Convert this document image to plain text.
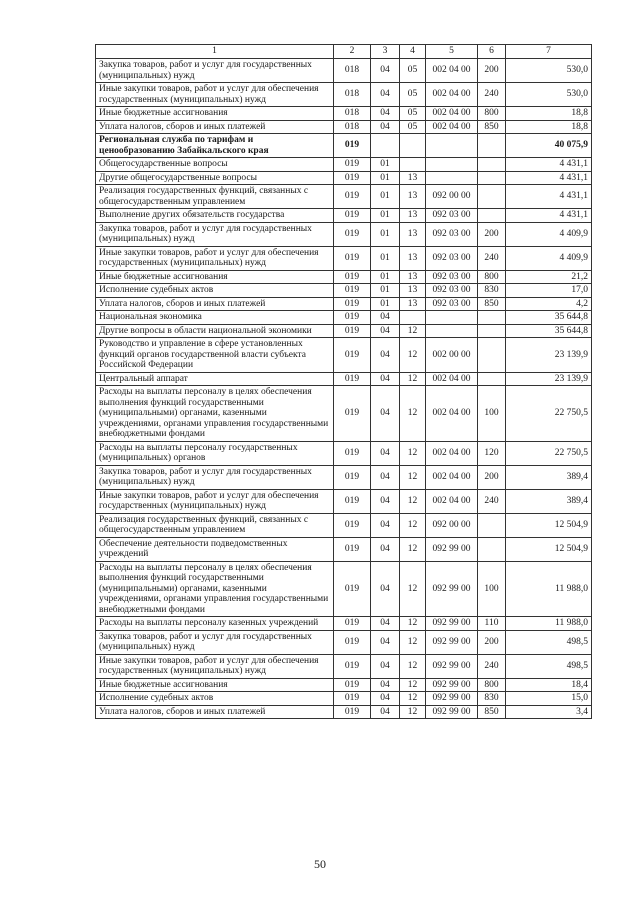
1	2	3	4	5	6	7
Закупка товаров, работ и услуг для государственных (муниципальных) нужд	018	04	05	002 04 00	200	530,0
Иные закупки товаров, работ и услуг для обеспечения государственных (муниципальных) нужд	018	04	05	002 04 00	240	530,0
Иные бюджетные ассигнования	018	04	05	002 04 00	800	18,8
Уплата налогов, сборов и иных платежей	018	04	05	002 04 00	850	18,8
Региональная служба по тарифам и ценообразованию Забайкальского края	019					40 075,9
Общегосударственные вопросы	019	01				4 431,1
Другие общегосударственные вопросы	019	01	13			4 431,1
Реализация государственных функций, связанных с общегосударственным управлением	019	01	13	092 00 00		4 431,1
Выполнение других обязательств государства	019	01	13	092 03 00		4 431,1
Закупка товаров, работ и услуг для государственных (муниципальных) нужд	019	01	13	092 03 00	200	4 409,9
Иные закупки товаров, работ и услуг для обеспечения государственных (муниципальных) нужд	019	01	13	092 03 00	240	4 409,9
Иные бюджетные ассигнования	019	01	13	092 03 00	800	21,2
Исполнение судебных актов	019	01	13	092 03 00	830	17,0
Уплата налогов, сборов и иных платежей	019	01	13	092 03 00	850	4,2
Национальная экономика	019	04				35 644,8
Другие вопросы в области национальной экономики	019	04	12			35 644,8
Руководство и управление в сфере установленных функций органов государственной власти субъекта Российской Федерации	019	04	12	002 00 00		23 139,9
Центральный аппарат	019	04	12	002 04 00		23 139,9
Расходы на выплаты персоналу в целях обеспечения выполнения функций государственными (муниципальными) органами, казенными учреждениями, органами управления государственными внебюджетными фондами	019	04	12	002 04 00	100	22 750,5
Расходы на выплаты персоналу государственных (муниципальных) органов	019	04	12	002 04 00	120	22 750,5
Закупка товаров, работ и услуг для государственных (муниципальных) нужд	019	04	12	002 04 00	200	389,4
Иные закупки товаров, работ и услуг для обеспечения государственных (муниципальных) нужд	019	04	12	002 04 00	240	389,4
Реализация государственных функций, связанных с общегосударственным управлением	019	04	12	092 00 00		12 504,9
Обеспечение деятельности подведомственных учреждений	019	04	12	092 99 00		12 504,9
Расходы на выплаты персоналу в целях обеспечения выполнения функций государственными (муниципальными) органами, казенными учреждениями, органами управления государственными внебюджетными фондами	019	04	12	092 99 00	100	11 988,0
Расходы на выплаты персоналу казенных учреждений	019	04	12	092 99 00	110	11 988,0
Закупка товаров, работ и услуг для государственных (муниципальных) нужд	019	04	12	092 99 00	200	498,5
Иные закупки товаров, работ и услуг для обеспечения государственных (муниципальных) нужд	019	04	12	092 99 00	240	498,5
Иные бюджетные ассигнования	019	04	12	092 99 00	800	18,4
Исполнение судебных актов	019	04	12	092 99 00	830	15,0
Уплата налогов, сборов и иных платежей	019	04	12	092 99 00	850	3,4
50
